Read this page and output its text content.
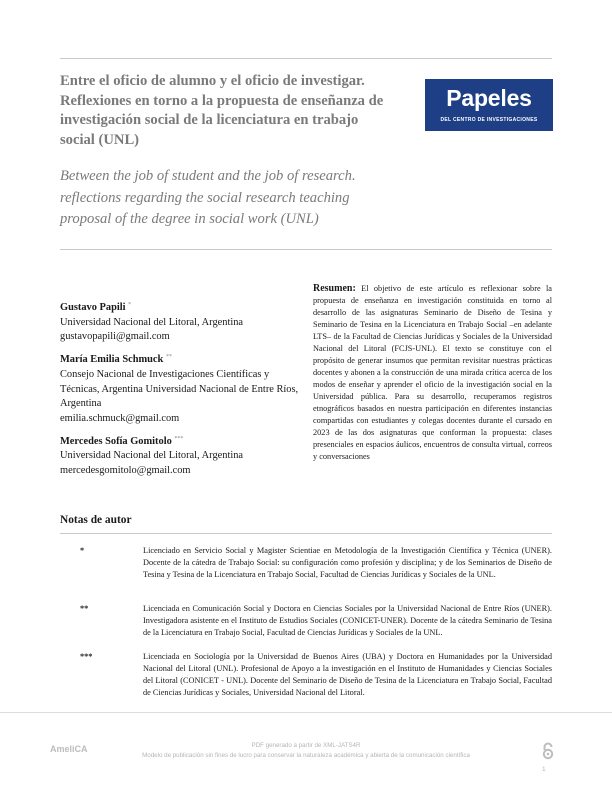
Entre el oficio de alumno y el oficio de investigar. Reflexiones en torno a la propuesta de enseñanza de investigación social de la licenciatura en trabajo social (UNL)
Between the job of student and the job of research. reflections regarding the social research teaching proposal of the degree in social work (UNL)
Papeles
DEL CENTRO DE INVESTIGACIONES
Gustavo Papili *
Universidad Nacional del Litoral, Argentina
gustavopapili@gmail.com
María Emilia Schmuck **
Consejo Nacional de Investigaciones Científicas y Técnicas, Argentina Universidad Nacional de Entre Ríos, Argentina
emilia.schmuck@gmail.com
Mercedes Sofía Gomitolo ***
Universidad Nacional del Litoral, Argentina
mercedesgomitolo@gmail.com
Resumen: El objetivo de este artículo es reflexionar sobre la propuesta de enseñanza en investigación constituida en torno al desarrollo de las asignaturas Seminario de Diseño de Tesina y Seminario de Tesina en la Licenciatura en Trabajo Social –en adelante LTS– de la Facultad de Ciencias Jurídicas y Sociales de la Universidad Nacional del Litoral (FCJS-UNL). El texto se constituye con el propósito de generar insumos que permitan revisitar nuestras prácticas docentes y abonen a la construcción de una mirada crítica acerca de los modos de enseñar y aprender el oficio de la investigación social en la Universidad pública. Para su desarrollo, recuperamos registros etnográficos basados en nuestra participación en diferentes instancias compartidas con estudiantes y colegas docentes durante el cursado en 2023 de las dos asignaturas que conforman la propuesta: clases presenciales en espacios áulicos, encuentros de consulta virtual, correos y conversaciones
Notas de autor
*	Licenciado en Servicio Social y Magister Scientiae en Metodología de la Investigación Científica y Técnica (UNER). Docente de la cátedra de Trabajo Social: su configuración como profesión y disciplina; y de los Seminarios de Diseño de Tesina y Tesina de la Licenciatura en Trabajo Social, Facultad de Ciencias Jurídicas y Sociales de la UNL.
**	Licenciada en Comunicación Social y Doctora en Ciencias Sociales por la Universidad Nacional de Entre Ríos (UNER). Investigadora asistente en el Instituto de Estudios Sociales (CONICET-UNER). Docente de la cátedra Seminario de Tesina de la Licenciatura en Trabajo Social, Facultad de Ciencias Jurídicas y Sociales de la UNL.
***	Licenciada en Sociología por la Universidad de Buenos Aires (UBA) y Doctora en Humanidades por la Universidad Nacional del Litoral (UNL). Profesional de Apoyo a la investigación en el Instituto de Humanidades y Ciencias Sociales del Litoral (CONICET - UNL). Docente del Seminario de Diseño de Tesina de la Licenciatura en Trabajo Social, Facultad de Ciencias Jurídicas y Sociales, Universidad Nacional del Litoral.
AmeliCA	PDF generado a partir de XML-JATS4R
Modelo de publicación sin fines de lucro para conservar la naturaleza académica y abierta de la comunicación científica
1
